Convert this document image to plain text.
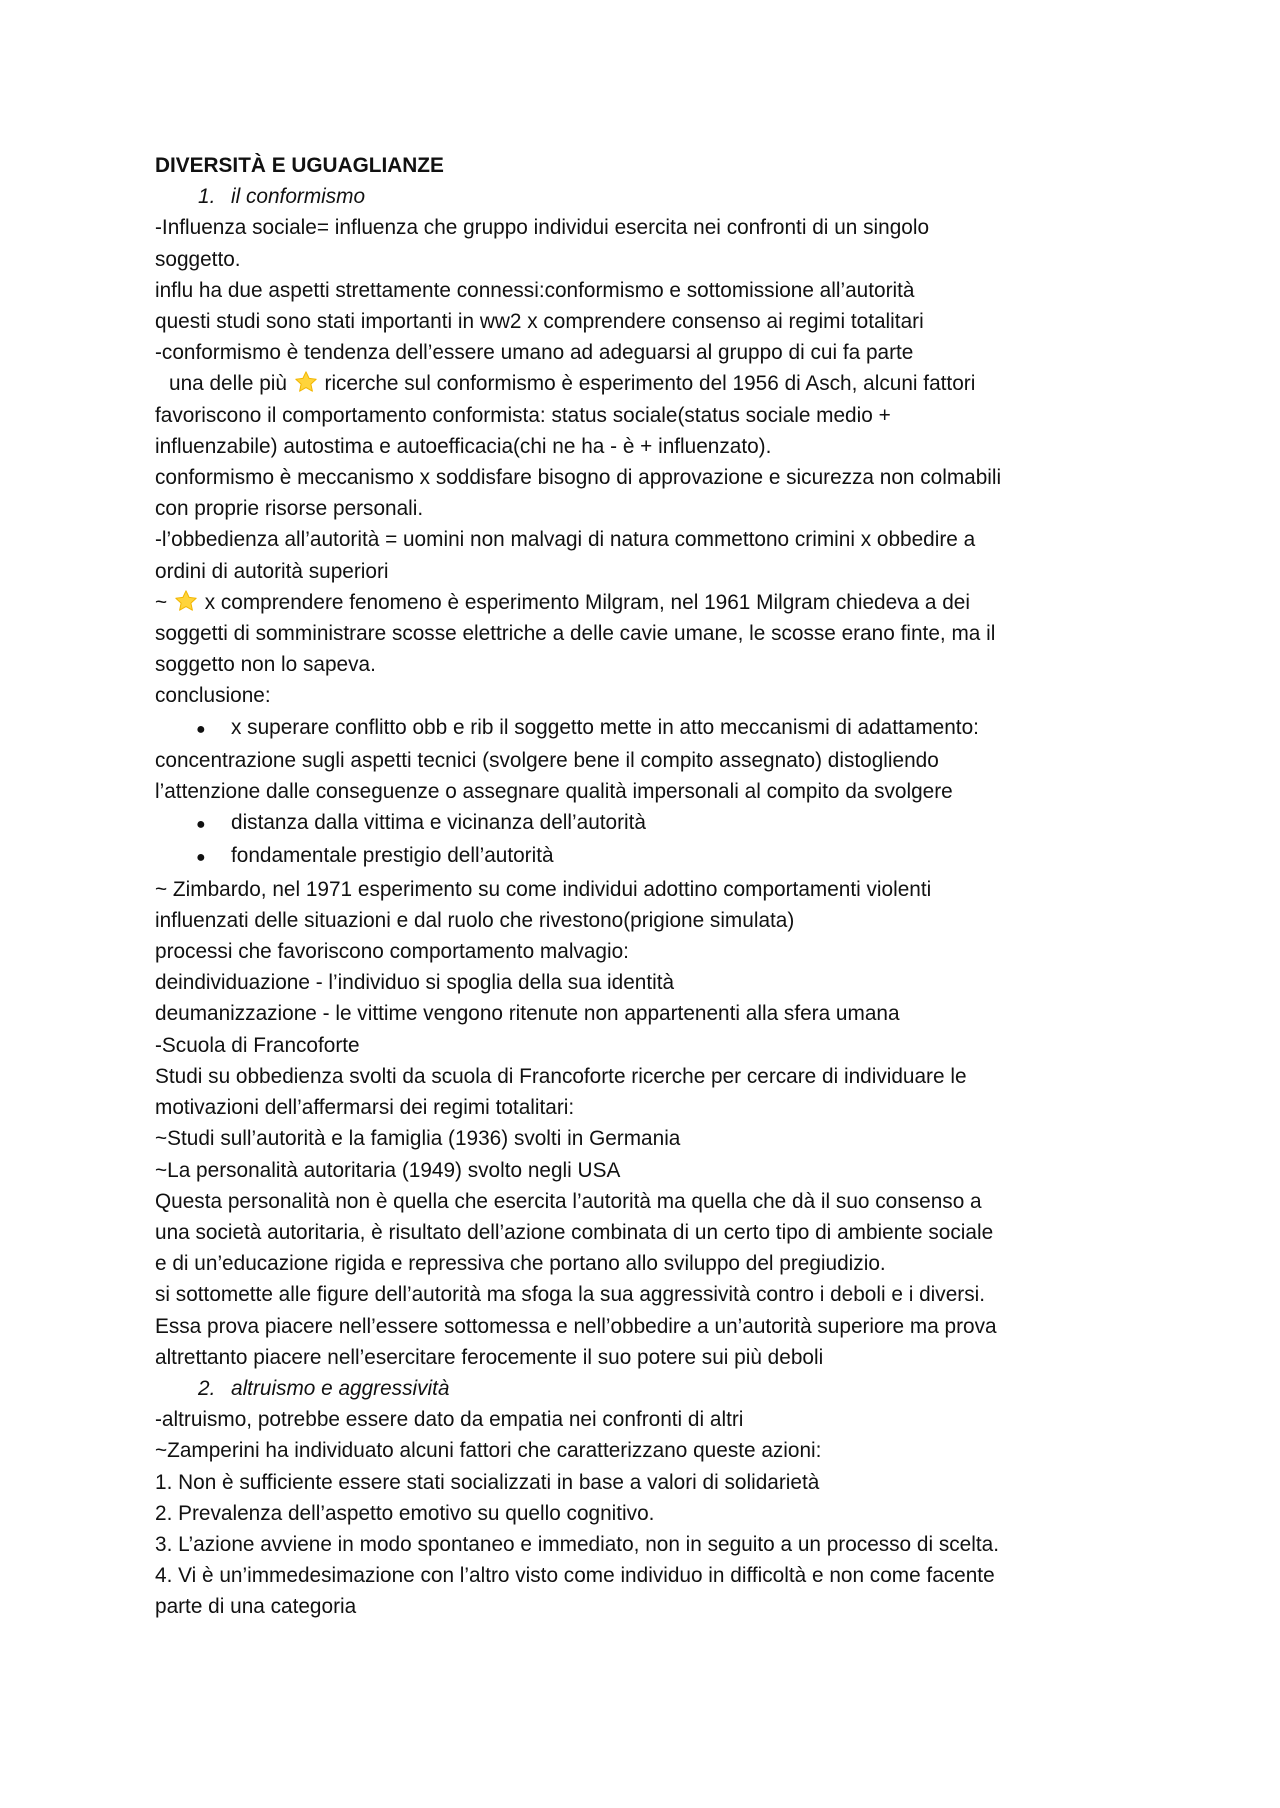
DIVERSITÀ E UGUAGLIANZE
1. il conformismo
-Influenza sociale= influenza che gruppo individui esercita nei confronti di un singolo
soggetto.
influ ha due aspetti strettamente connessi:conformismo e sottomissione all’autorità
questi studi sono stati importanti in ww2 x comprendere consenso ai regimi totalitari
-conformismo è tendenza dell’essere umano ad adeguarsi al gruppo di cui fa parte
una delle più ricerche sul conformismo è esperimento del 1956 di Asch, alcuni fattori
favoriscono il comportamento conformista: status sociale(status sociale medio +
influenzabile) autostima e autoefficacia(chi ne ha - è + influenzato).
conformismo è meccanismo x soddisfare bisogno di approvazione e sicurezza non colmabili
con proprie risorse personali.
-l’obbedienza all’autorità = uomini non malvagi di natura commettono crimini x obbedire a
ordini di autorità superiori
~ x comprendere fenomeno è esperimento Milgram, nel 1961 Milgram chiedeva a dei
soggetti di somministrare scosse elettriche a delle cavie umane, le scosse erano finte, ma il
soggetto non lo sapeva.
conclusione:
● x superare conflitto obb e rib il soggetto mette in atto meccanismi di adattamento:
concentrazione sugli aspetti tecnici (svolgere bene il compito assegnato) distogliendo
l’attenzione dalle conseguenze o assegnare qualità impersonali al compito da svolgere
● distanza dalla vittima e vicinanza dell’autorità
● fondamentale prestigio dell’autorità
~ Zimbardo, nel 1971 esperimento su come individui adottino comportamenti violenti
influenzati delle situazioni e dal ruolo che rivestono(prigione simulata)
processi che favoriscono comportamento malvagio:
deindividuazione - l’individuo si spoglia della sua identità
deumanizzazione - le vittime vengono ritenute non appartenenti alla sfera umana
-Scuola di Francoforte
Studi su obbedienza svolti da scuola di Francoforte ricerche per cercare di individuare le
motivazioni dell’affermarsi dei regimi totalitari:
~Studi sull’autorità e la famiglia (1936) svolti in Germania
~La personalità autoritaria (1949) svolto negli USA
Questa personalità non è quella che esercita l’autorità ma quella che dà il suo consenso a
una società autoritaria, è risultato dell’azione combinata di un certo tipo di ambiente sociale
e di un’educazione rigida e repressiva che portano allo sviluppo del pregiudizio.
si sottomette alle figure dell’autorità ma sfoga la sua aggressività contro i deboli e i diversi.
Essa prova piacere nell’essere sottomessa e nell’obbedire a un’autorità superiore ma prova
altrettanto piacere nell’esercitare ferocemente il suo potere sui più deboli
2. altruismo e aggressività
-altruismo, potrebbe essere dato da empatia nei confronti di altri
~Zamperini ha individuato alcuni fattori che caratterizzano queste azioni:
1. Non è sufficiente essere stati socializzati in base a valori di solidarietà
2. Prevalenza dell’aspetto emotivo su quello cognitivo.
3. L’azione avviene in modo spontaneo e immediato, non in seguito a un processo di scelta.
4. Vi è un’immedesimazione con l’altro visto come individuo in difficoltà e non come facente
parte di una categoria
